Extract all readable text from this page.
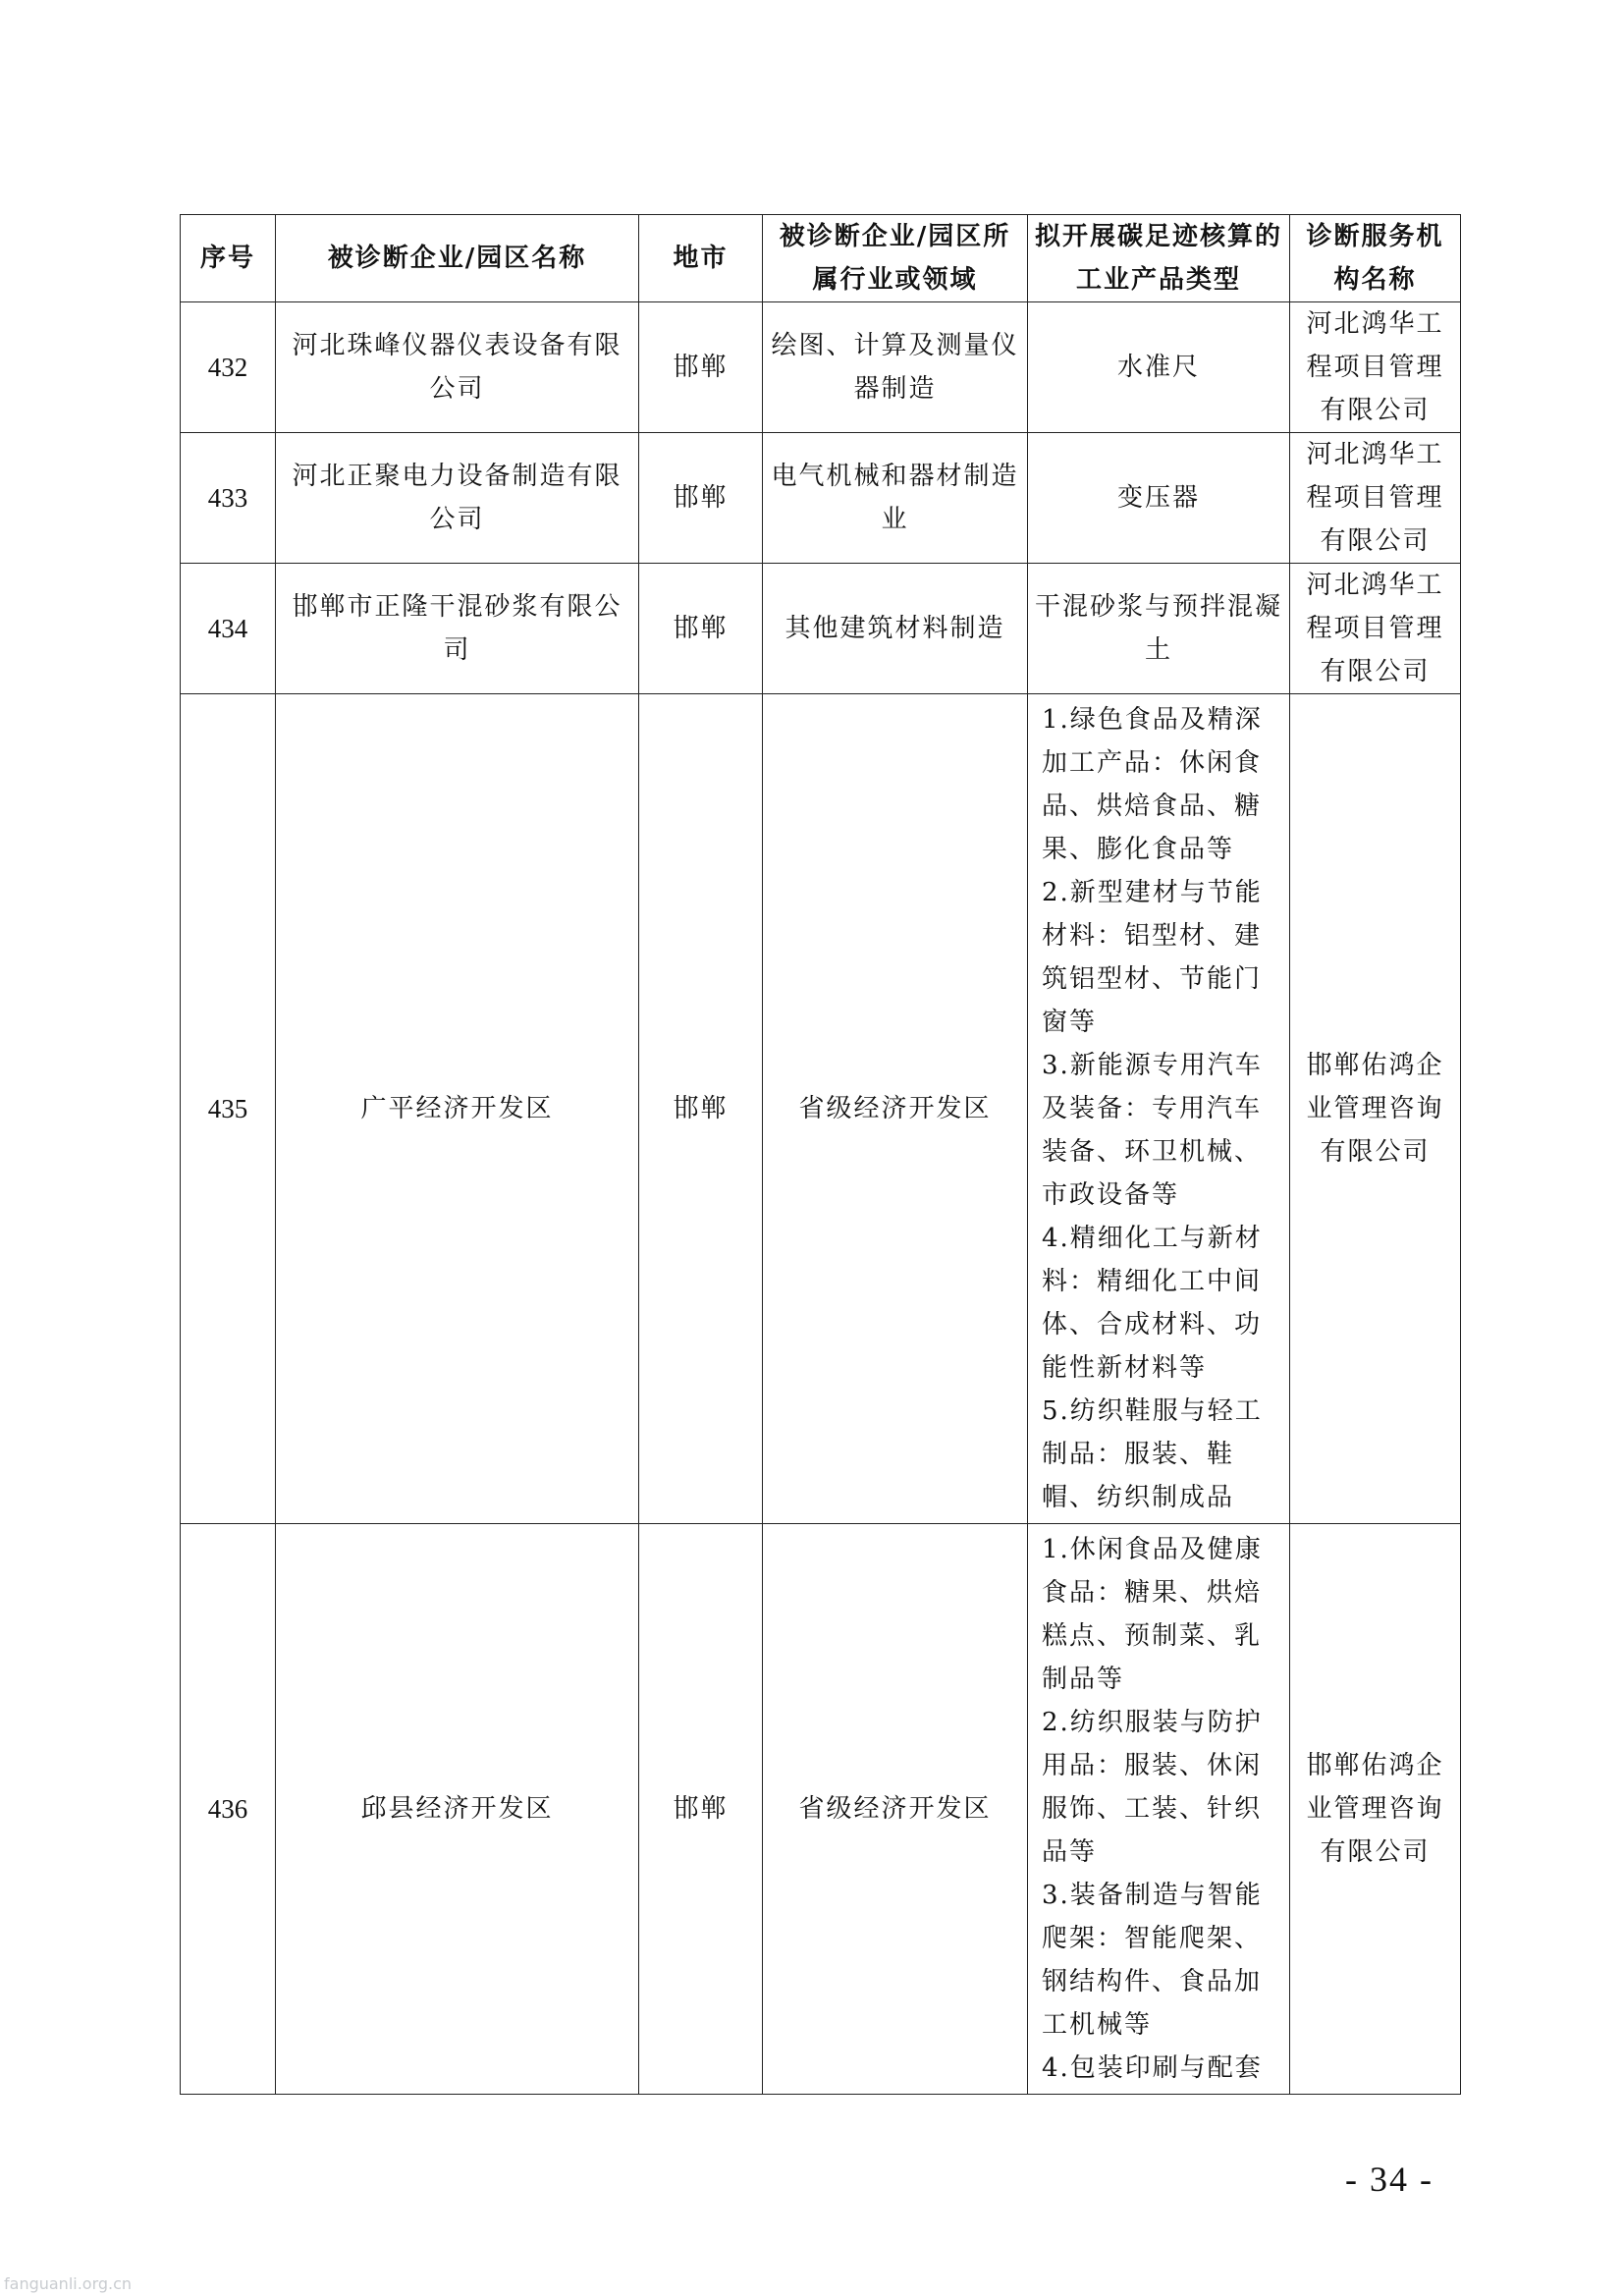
序号	被诊断企业/园区名称	地市	被诊断企业/园区所属行业或领域	拟开展碳足迹核算的工业产品类型	诊断服务机构名称
432	河北珠峰仪器仪表设备有限公司	邯郸	绘图、计算及测量仪器制造	水准尺	河北鸿华工程项目管理有限公司
433	河北正聚电力设备制造有限公司	邯郸	电气机械和器材制造业	变压器	河北鸿华工程项目管理有限公司
434	邯郸市正隆干混砂浆有限公司	邯郸	其他建筑材料制造	干混砂浆与预拌混凝土	河北鸿华工程项目管理有限公司
435	广平经济开发区	邯郸	省级经济开发区	1.绿色食品及精深加工产品：休闲食品、烘焙食品、糖果、膨化食品等
2.新型建材与节能材料：铝型材、建筑铝型材、节能门窗等
3.新能源专用汽车及装备：专用汽车装备、环卫机械、市政设备等
4.精细化工与新材料：精细化工中间体、合成材料、功能性新材料等
5.纺织鞋服与轻工制品：服装、鞋帽、纺织制成品	邯郸佑鸿企业管理咨询有限公司
436	邱县经济开发区	邯郸	省级经济开发区	1.休闲食品及健康食品：糖果、烘焙糕点、预制菜、乳制品等
2.纺织服装与防护用品：服装、休闲服饰、工装、针织品等
3.装备制造与智能爬架：智能爬架、钢结构件、食品加工机械等
4.包装印刷与配套	邯郸佑鸿企业管理咨询有限公司
- 34 -
fanguanli.org.cn
